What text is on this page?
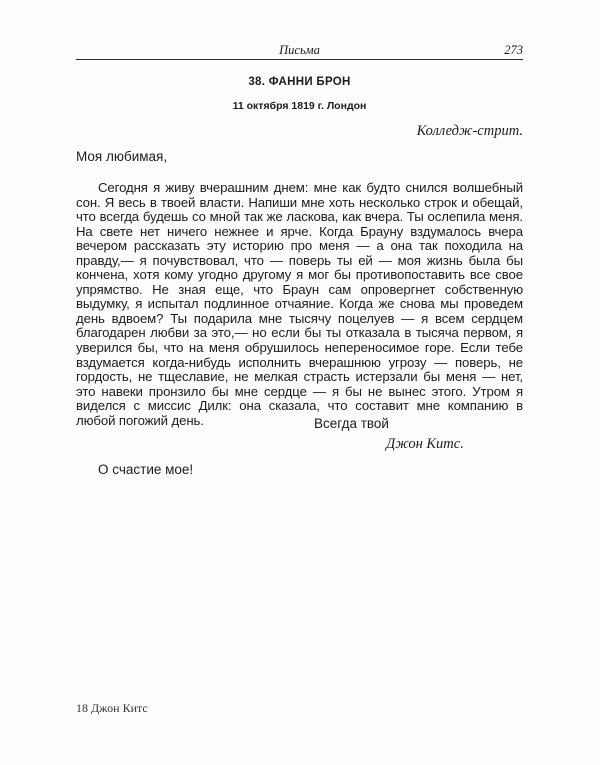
Письма	273
38. ФАННИ БРОН
11 октября 1819 г. Лондон
Колледж-стрит.
Моя любимая,
Сегодня я живу вчерашним днем: мне как будто снился волшебный сон. Я весь в твоей власти. Напиши мне хоть несколько строк и обещай, что всегда будешь со мной так же ласкова, как вчера. Ты ослепила меня. На свете нет ничего нежнее и ярче. Когда Брауну вздумалось вчера вечером рассказать эту историю про меня — а она так походила на правду,— я почувствовал, что — поверь ты ей — моя жизнь была бы кончена, хотя кому угодно другому я мог бы противопоставить все свое упрямство. Не зная еще, что Браун сам опровергнет собственную выдумку, я испытал подлинное отчаяние. Когда же снова мы проведем день вдвоем? Ты подарила мне тысячу поцелуев — я всем сердцем благодарен любви за это,— но если бы ты отказала в тысяча первом, я уверился бы, что на меня обрушилось непереносимое горе. Если тебе вздумается когда-нибудь исполнить вчерашнюю угрозу — поверь, не гордость, не тщеславие, не мелкая страсть истерзали бы меня — нет, это навеки пронзило бы мне сердце — я бы не вынес этого. Утром я виделся с миссис Дилк: она сказала, что составит мне компанию в любой погожий день.	Всегда твой
Джон Китс.
О счастие мое!
18 Джон Китс
